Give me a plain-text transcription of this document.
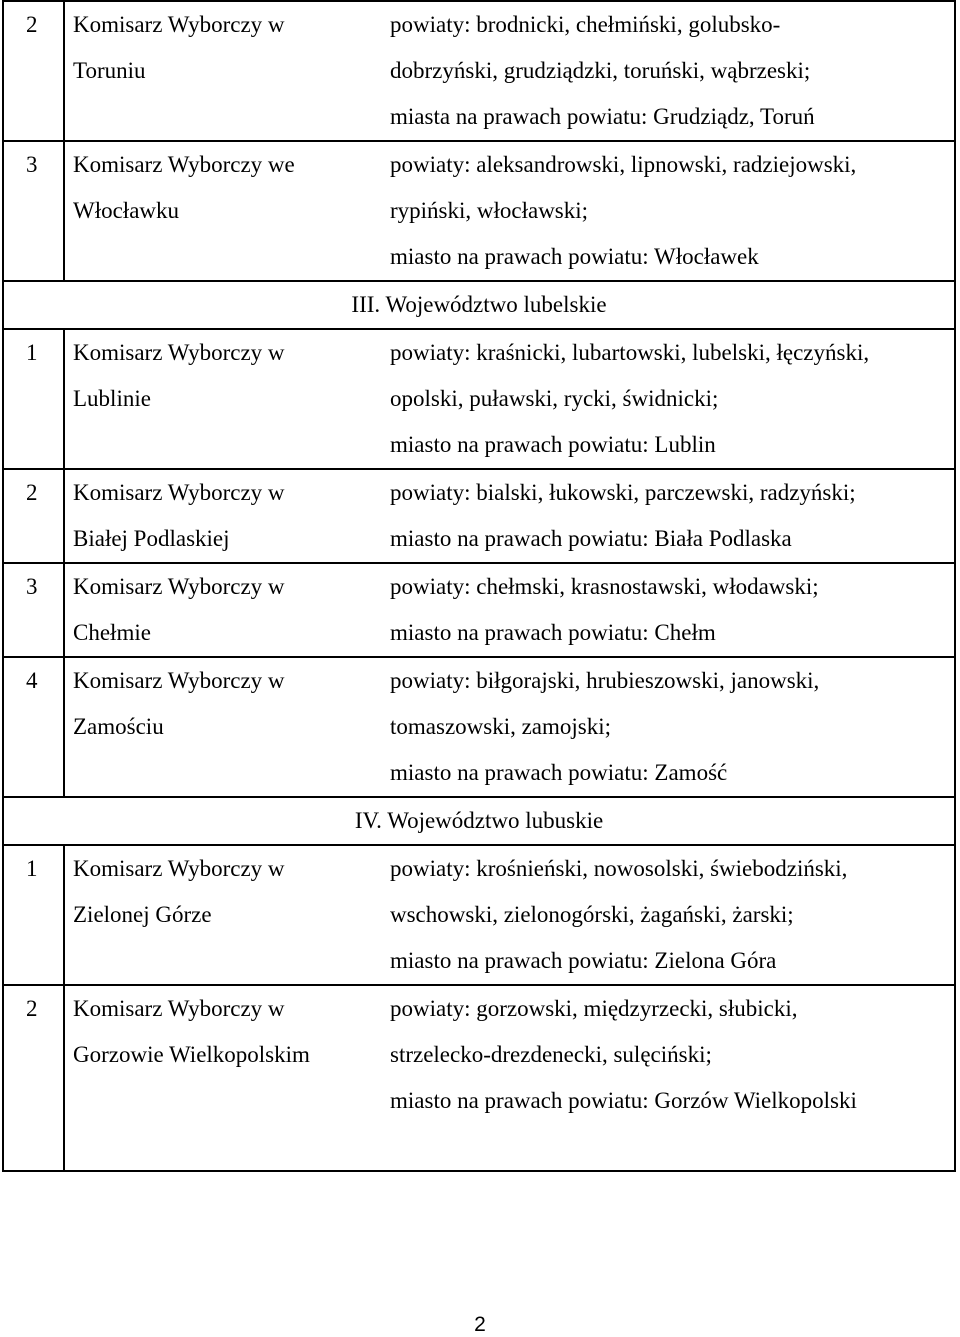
2	Komisarz Wyborczy w
Toruniu	powiaty: brodnicki, chełmiński, golubsko-
dobrzyński, grudziądzki, toruński, wąbrzeski;
miasta na prawach powiatu: Grudziądz, Toruń

3	Komisarz Wyborczy we
Włocławku	powiaty: aleksandrowski, lipnowski, radziejowski,
rypiński, włocławski;
miasto na prawach powiatu: Włocławek

III. Województwo lubelskie		
1	Komisarz Wyborczy w
Lublinie	powiaty: kraśnicki, lubartowski, lubelski, łęczyński,
opolski, puławski, rycki, świdnicki;
miasto na prawach powiatu: Lublin

2	Komisarz Wyborczy w
Białej Podlaskiej	powiaty: bialski, łukowski, parczewski, radzyński;
miasto na prawach powiatu: Biała Podlaska

3	Komisarz Wyborczy w
Chełmie	powiaty: chełmski, krasnostawski, włodawski;
miasto na prawach powiatu: Chełm

4	Komisarz Wyborczy w
Zamościu	powiaty: biłgorajski, hrubieszowski, janowski,
tomaszowski, zamojski;
miasto na prawach powiatu: Zamość

IV. Województwo lubuskie		
1	Komisarz Wyborczy w
Zielonej Górze	powiaty: krośnieński, nowosolski, świebodziński,
wschowski, zielonogórski, żagański, żarski;
miasto na prawach powiatu: Zielona Góra

2	Komisarz Wyborczy w
Gorzowie Wielkopolskim	powiaty: gorzowski, międzyrzecki, słubicki,
strzelecko-drezdenecki, sulęciński;
miasto na prawach powiatu: Gorzów Wielkopolski
2
